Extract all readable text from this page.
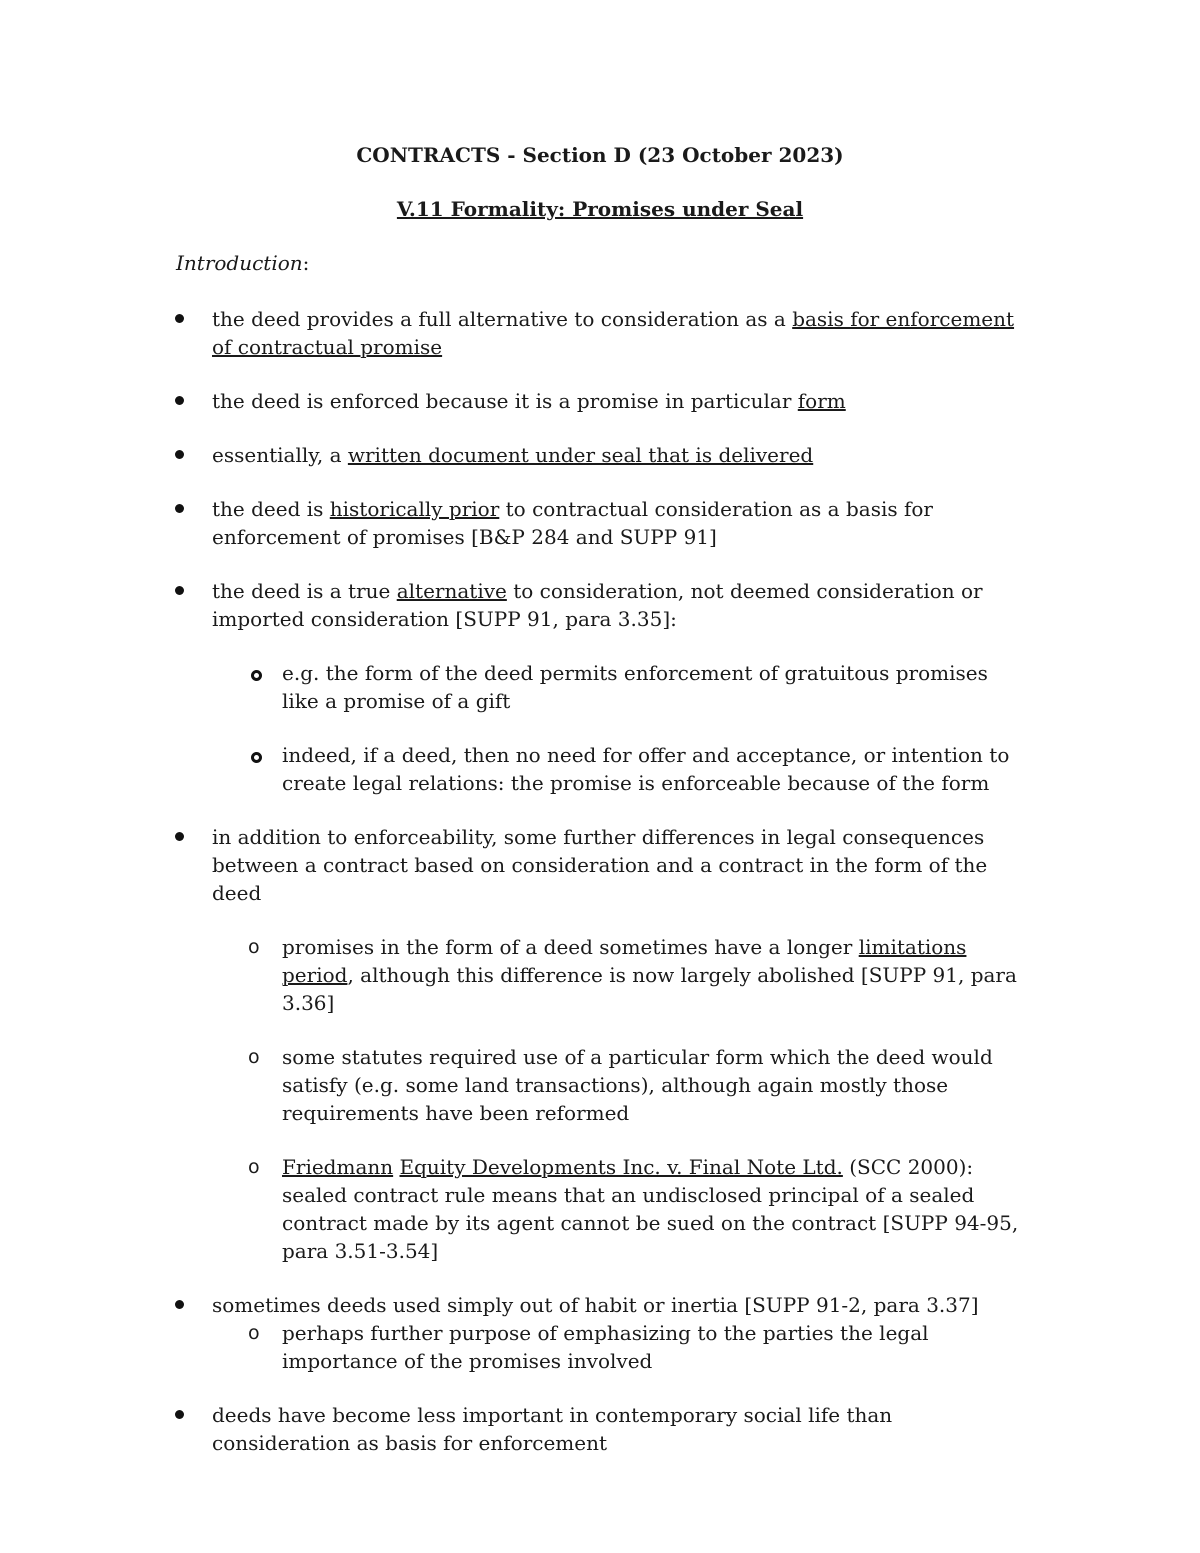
CONTRACTS - Section D (23 October 2023)
V.11 Formality: Promises under Seal
Introduction:
the deed provides a full alternative to consideration as a basis for enforcement of contractual promise
the deed is enforced because it is a promise in particular form
essentially, a written document under seal that is delivered
the deed is historically prior to contractual consideration as a basis for enforcement of promises [B&P 284 and SUPP 91]
the deed is a true alternative to consideration, not deemed consideration or imported consideration [SUPP 91, para 3.35]:
e.g. the form of the deed permits enforcement of gratuitous promises like a promise of a gift
indeed, if a deed, then no need for offer and acceptance, or intention to create legal relations: the promise is enforceable because of the form
in addition to enforceability, some further differences in legal consequences between a contract based on consideration and a contract in the form of the deed
o promises in the form of a deed sometimes have a longer limitations period, although this difference is now largely abolished [SUPP 91, para 3.36]
o some statutes required use of a particular form which the deed would satisfy (e.g. some land transactions), although again mostly those requirements have been reformed
o Friedmann Equity Developments Inc. v. Final Note Ltd. (SCC 2000): sealed contract rule means that an undisclosed principal of a sealed contract made by its agent cannot be sued on the contract [SUPP 94-95, para 3.51-3.54]
sometimes deeds used simply out of habit or inertia [SUPP 91-2, para 3.37]
o perhaps further purpose of emphasizing to the parties the legal importance of the promises involved
deeds have become less important in contemporary social life than consideration as basis for enforcement
